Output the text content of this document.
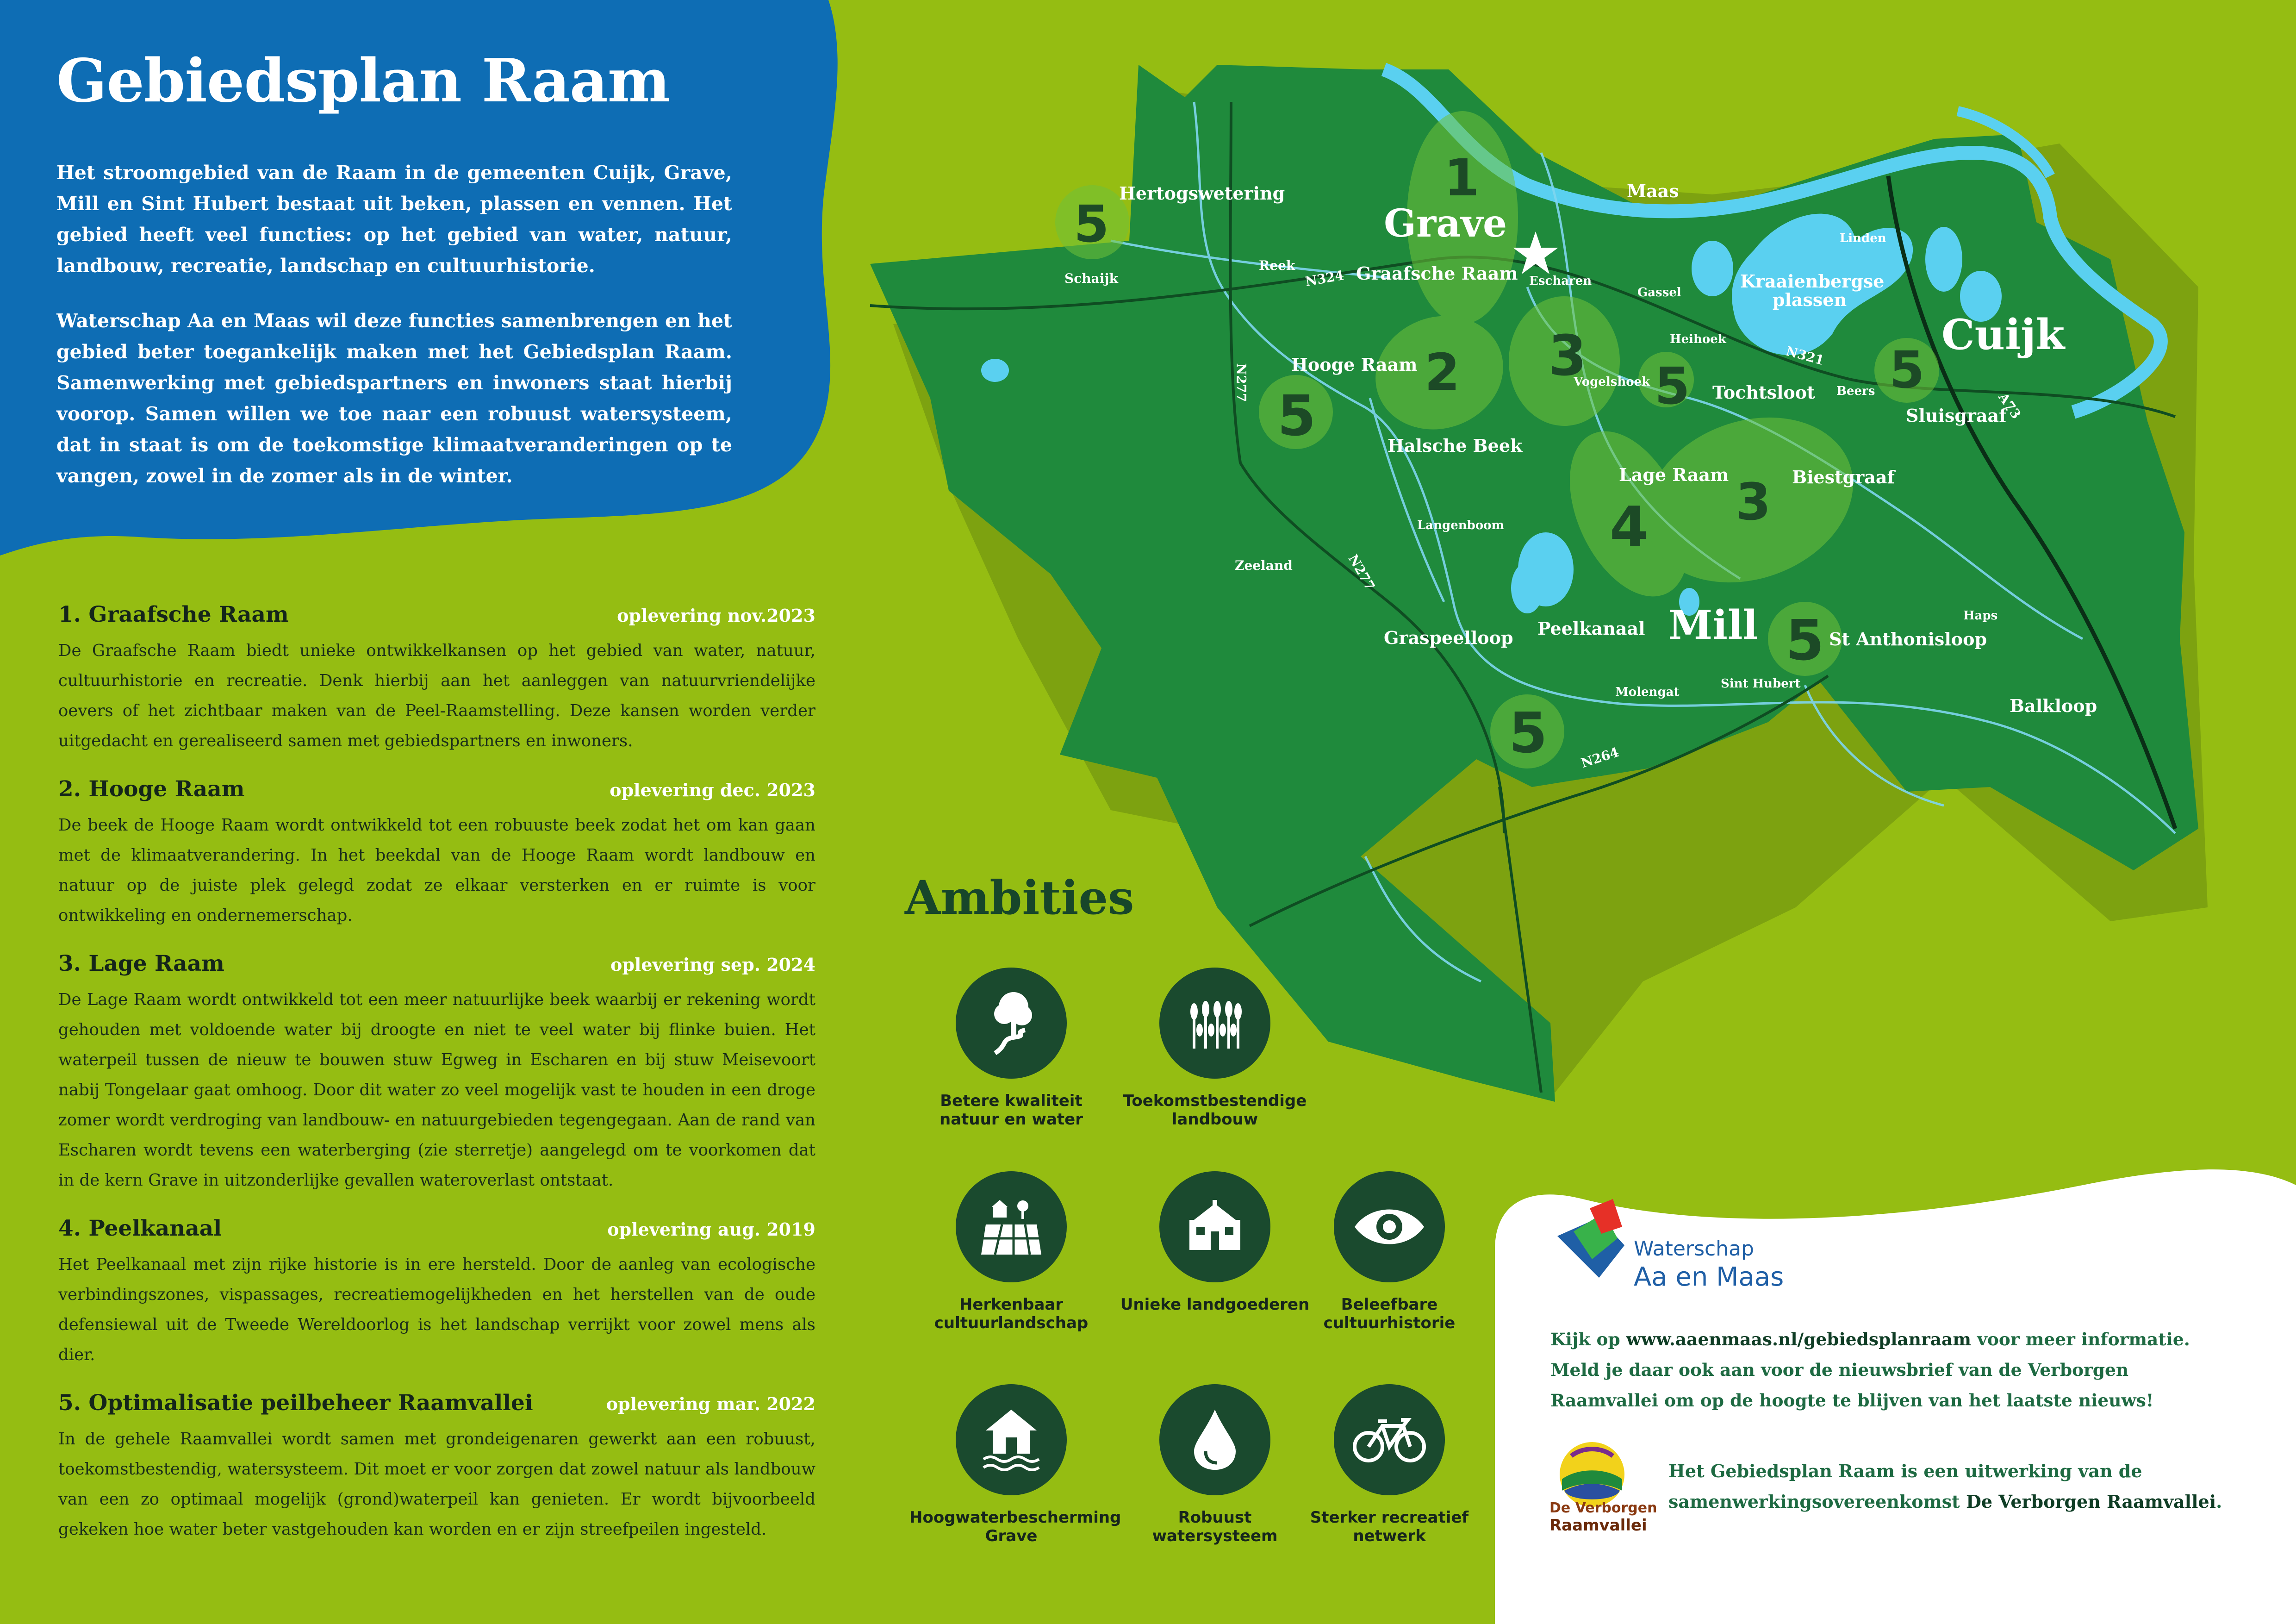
Gebiedsplan Raam

Het stroomgebied van de Raam in de gemeenten Cuijk, Grave, Mill en Sint Hubert bestaat uit beken, plassen en vennen. Het gebied heeft veel functies: op het gebied van water, natuur, landbouw, recreatie, landschap en cultuurhistorie.

Waterschap Aa en Maas wil deze functies samenbrengen en het gebied beter toegankelijk maken met het Gebiedsplan Raam. Samenwerking met gebiedspartners en inwoners staat hierbij voorop. Samen willen we toe naar een robuust watersysteem, dat in staat is om de toekomstige klimaatveranderingen op te vangen, zowel in de zomer als in de winter.

1. Graafsche Raam	oplevering nov.2023

De Graafsche Raam biedt unieke ontwikkelkansen op het gebied van water, natuur, cultuurhistorie en recreatie. Denk hierbij aan het aanleggen van natuurvriendelijke oevers of het zichtbaar maken van de Peel-Raamstelling. Deze kansen worden verder uitgedacht en gerealiseerd samen met gebiedspartners en inwoners.

2. Hooge Raam	oplevering dec. 2023

De beek de Hooge Raam wordt ontwikkeld tot een robuuste beek zodat het om kan gaan met de klimaatverandering. In het beekdal van de Hooge Raam wordt landbouw en natuur op de juiste plek gelegd zodat ze elkaar versterken en er ruimte is voor ontwikkeling en ondernemerschap.

3. Lage Raam	oplevering sep. 2024

De Lage Raam wordt ontwikkeld tot een meer natuurlijke beek waarbij er rekening wordt gehouden met voldoende water bij droogte en niet te veel water bij flinke buien. Het waterpeil tussen de nieuw te bouwen stuw Egweg in Escharen en bij stuw Meisevoort nabij Tongelaar gaat omhoog. Door dit water zo veel mogelijk vast te houden in een droge zomer wordt verdroging van landbouw- en natuurgebieden tegengegaan. Aan de rand van Escharen wordt tevens een waterberging (zie sterretje) aangelegd om te voorkomen dat in de kern Grave in uitzonderlijke gevallen wateroverlast ontstaat.

4. Peelkanaal	oplevering aug. 2019

Het Peelkanaal met zijn rijke historie is in ere hersteld. Door de aanleg van ecologische verbindingszones, vispassages, recreatiemogelijkheden en het herstellen van de oude defensiewal uit de Tweede Wereldoorlog is het landschap verrijkt voor zowel mens als dier.

5. Optimalisatie peilbeheer Raamvallei	oplevering mar. 2022

In de gehele Raamvallei wordt samen met grondeigenaren gewerkt aan een robuust, toekomstbestendig, watersysteem. Dit moet er voor zorgen dat zowel natuur als landbouw van een zo optimaal mogelijk (grond)waterpeil kan genieten. Er wordt bijvoorbeeld gekeken hoe water beter vastgehouden kan worden en er zijn streefpeilen ingesteld.

Grave
Cuijk
Mill
Maas
Hertogswetering
Schaijk
Reek
N324 Graafsche Raam Escharen
Gassel
Linden
Kraaienbergse plassen
Heihoek
N321
Vogelshoek	Tochtsloot Beers
Sluisgraaf
A73
Hooge Raam
N277
Halsche Beek
Lage Raam	Biestgraaf
Langenboom
Zeeland	N277
Graspeelloop Peelkanaal
St Anthonisloop
Haps
Molengat
Sint Hubert
Balkloop
N264
1
2 3
3
4
5
5	5	5
5
5
Ambities
Betere kwaliteit natuur en water
Toekomstbestendige landbouw
Herkenbaar cultuurlandschap
Unieke landgoederen	Beleefbare cultuurhistorie
Hoogwaterbescherming Grave
Robuust watersysteem
Sterker recreatief netwerk
Waterschap
Aa en Maas
Kijk op www.aaenmaas.nl/gebiedsplanraam voor meer informatie. Meld je daar ook aan voor de nieuwsbrief van de Verborgen Raamvallei om op de hoogte te blijven van het laatste nieuws!
De Verborgen
Raamvallei
Het Gebiedsplan Raam is een uitwerking van de samenwerkingsovereenkomst De Verborgen Raamvallei.
